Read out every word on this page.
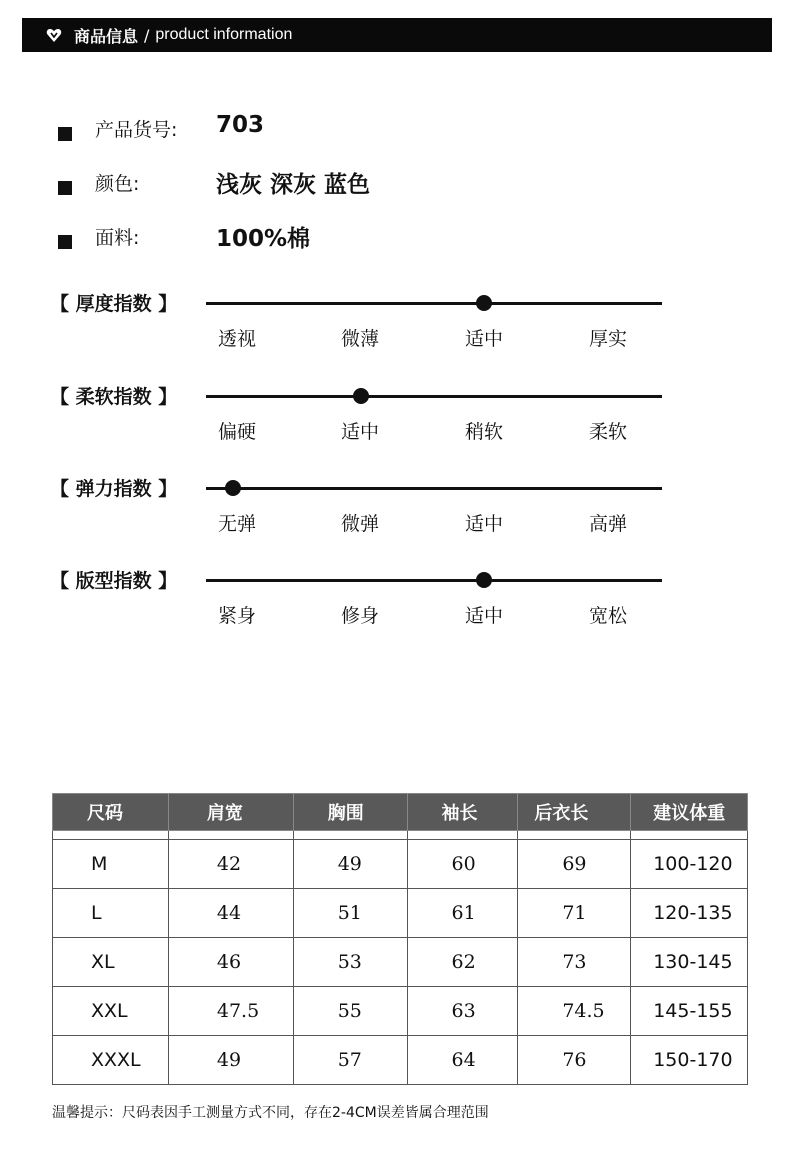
商品信息 / product information
产品货号: 703
颜色:	浅灰 深灰 蓝色
面料:	100%棉
【 厚度指数 】
透视	微薄	适中	厚实
【 柔软指数 】
偏硬	适中	稍软	柔软
【 弹力指数 】
无弹	微弹	适中	高弹
【 版型指数 】
紧身	修身	适中	宽松
尺码	肩宽	胸围	袖长	后衣长	建议体重

M	42	49	60	69	100-120
L	44	51	61	71	120-135
XL	46	53	62	73	130-145
XXL	47.5	55	63	74.5	145-155
XXXL	49	57	64	76	150-170
温馨提示：尺码表因手工测量方式不同，存在2-4CM误差皆属合理范围
